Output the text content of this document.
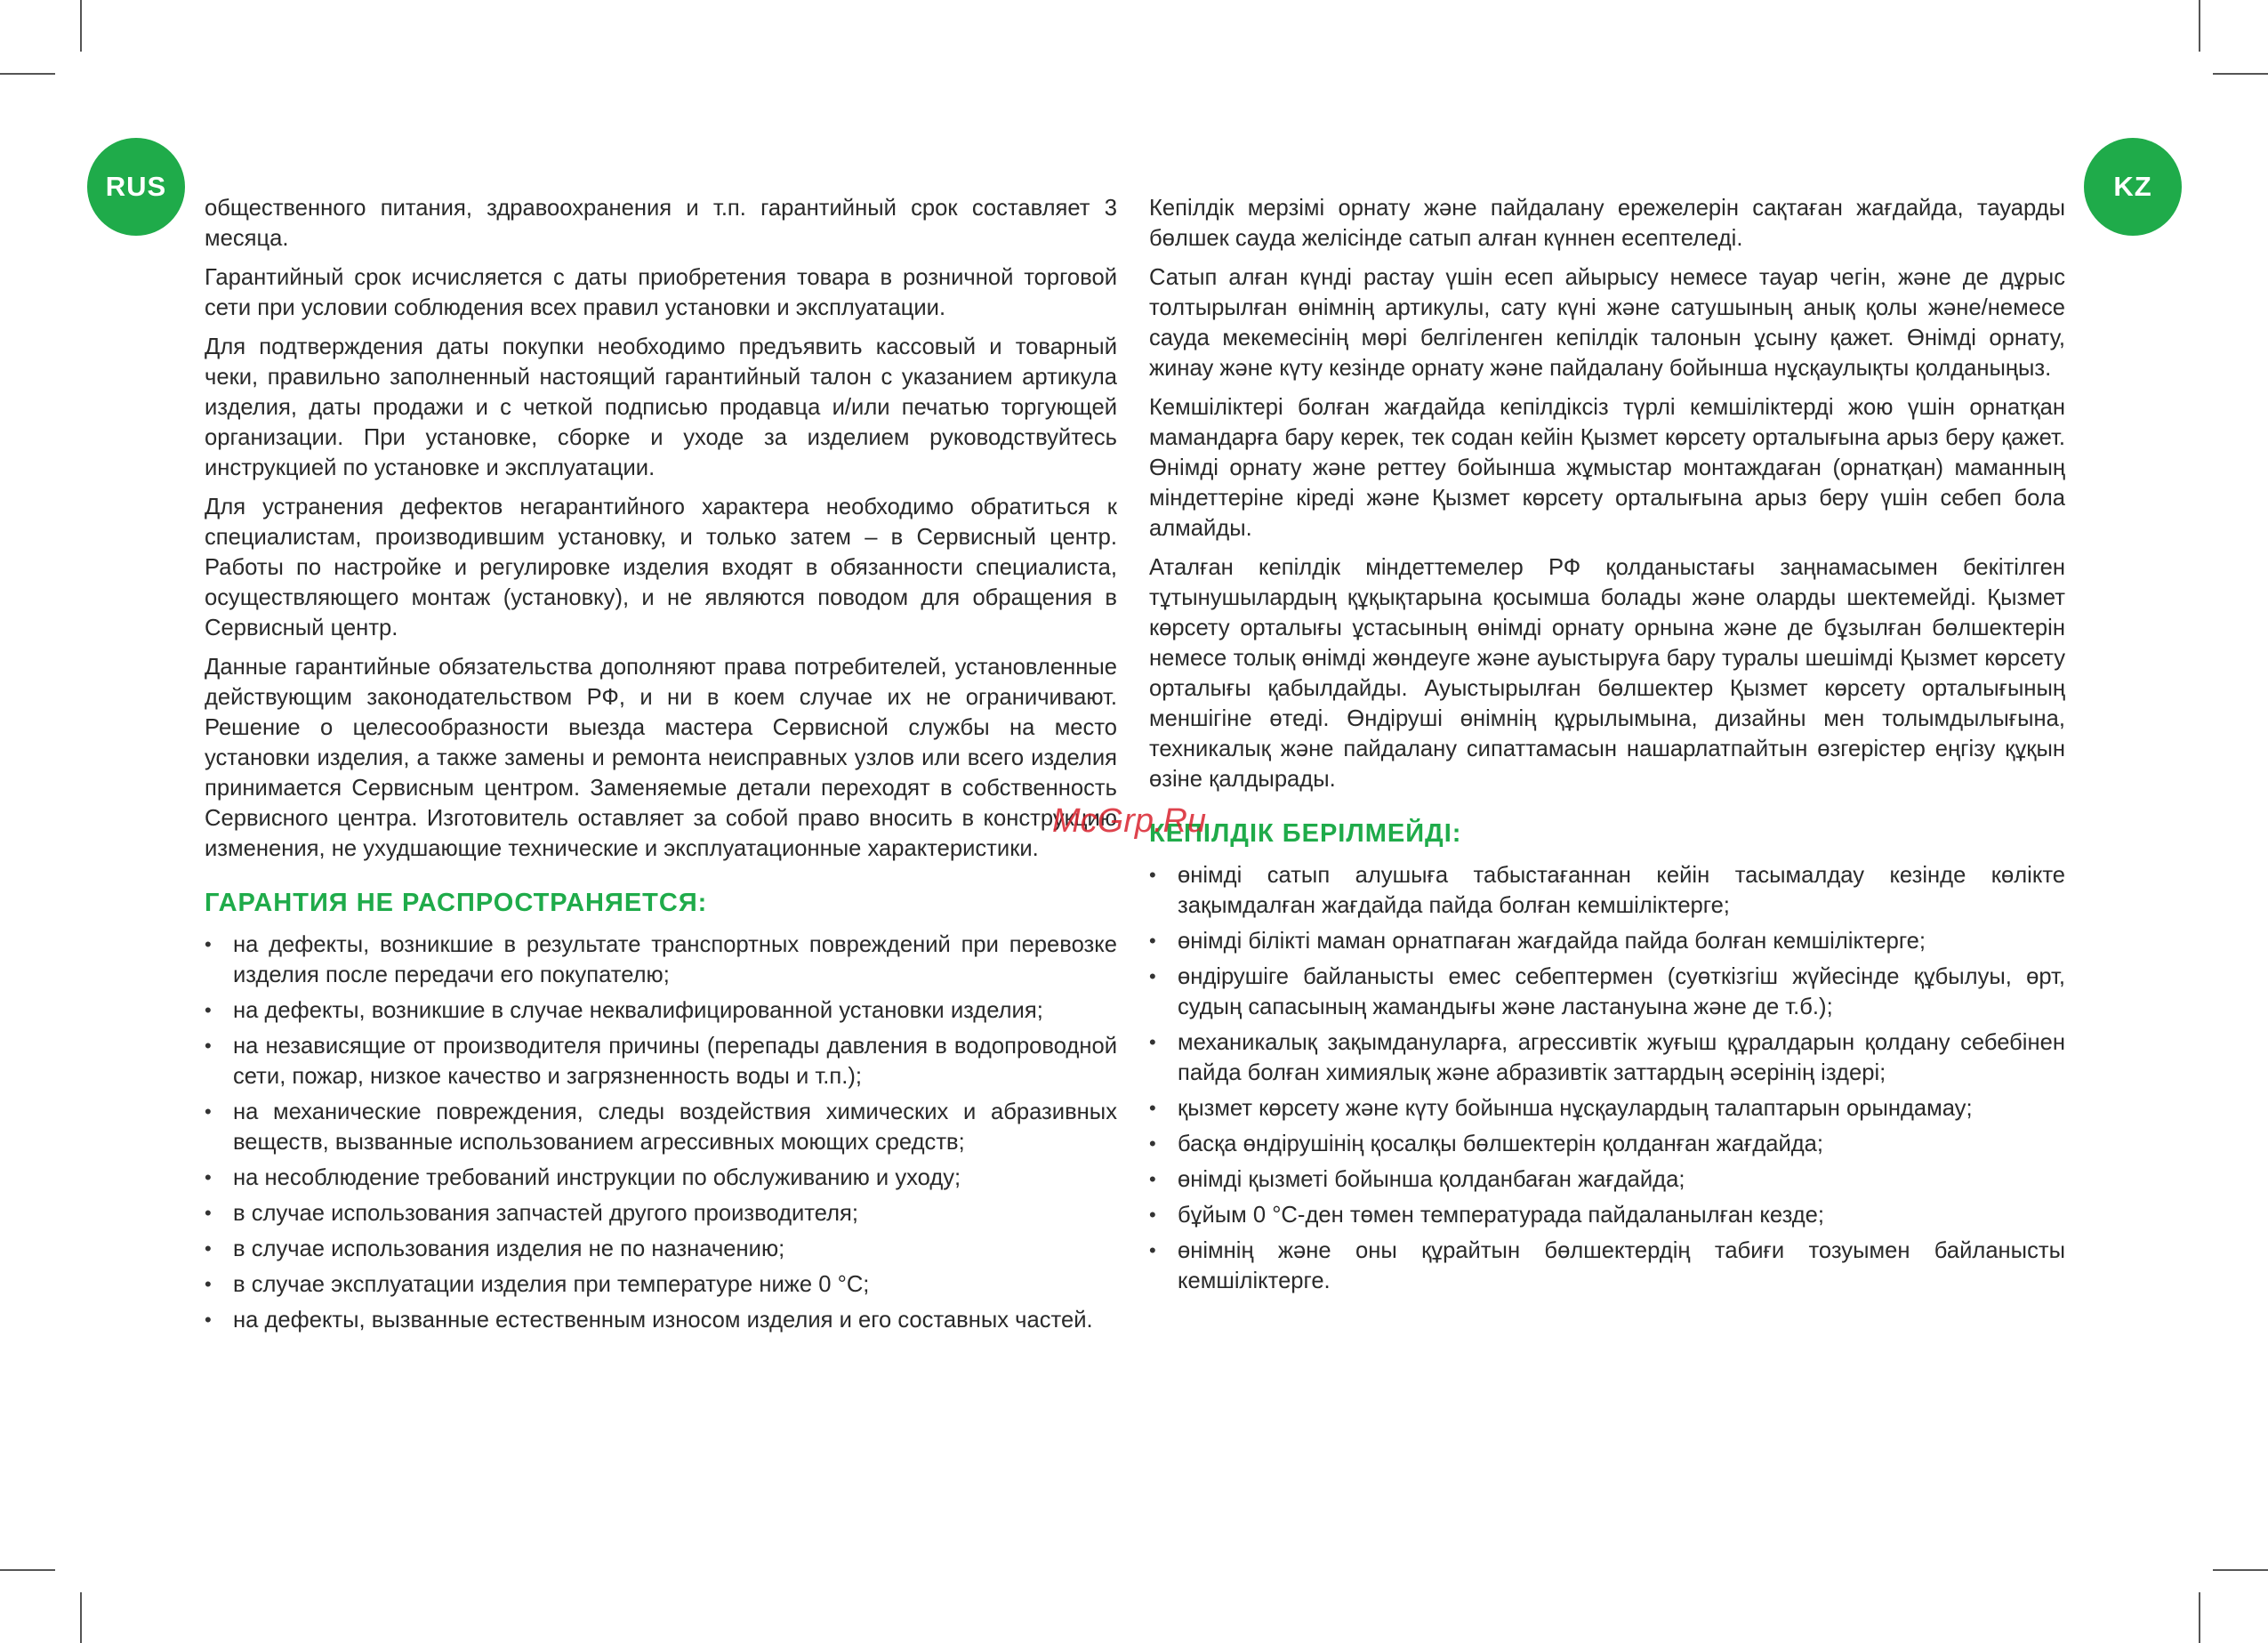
RUS	KZ

общественного питания, здравоохранения и т.п. гарантийный срок составляет 3 месяца.

Гарантийный срок исчисляется с даты приобретения товара в розничной торговой сети при условии соблюдения всех правил установки и эксплуатации.

Для подтверждения даты покупки необходимо предъявить кассовый и товарный чеки, правильно заполненный настоящий гарантийный талон с указанием артикула изделия, даты продажи и с четкой подписью продавца и/или печатью торгующей организации. При установке, сборке и уходе за изделием руководствуйтесь инструкцией по установке и эксплуатации.

Для устранения дефектов негарантийного характера необходимо обратиться к специалистам, производившим установку, и только затем – в Сервисный центр. Работы по настройке и регулировке изделия входят в обязанности специалиста, осуществляющего монтаж (установку), и не являются поводом для обращения в Сервисный центр.

Данные гарантийные обязательства дополняют права потребителей, установленные действующим законодательством РФ, и ни в коем случае их не ограничивают. Решение о целесообразности выезда мастера Сервисной службы на место установки изделия, а также замены и ремонта неисправных узлов или всего изделия принимается Сервисным центром. Заменяемые детали переходят в собственность Сервисного центра. Изготовитель оставляет за собой право вносить в конструкцию изменения, не ухудшающие технические и эксплуатационные характеристики.

ГАРАНТИЯ НЕ РАСПРОСТРАНЯЕТСЯ:
• на дефекты, возникшие в результате транспортных повреждений при перевозке изделия после передачи его покупателю;
• на дефекты, возникшие в случае неквалифицированной установки изделия;
• на независящие от производителя причины (перепады давления в водопроводной сети, пожар, низкое качество и загрязненность воды и т.п.);
• на механические повреждения, следы воздействия химических и абразивных веществ, вызванные использованием агрессивных моющих средств;
• на несоблюдение требований инструкции по обслуживанию и уходу;
• в случае использования запчастей другого производителя;
• в случае использования изделия не по назначению;
• в случае эксплуатации изделия при температуре ниже 0 °С;
• на дефекты, вызванные естественным износом изделия и его составных частей.

Кепілдік мерзімі орнату және пайдалану ережелерін сақтаған жағдайда, тауарды бөлшек сауда желісінде сатып алған күннен есептеледі.

Сатып алған күнді растау үшін есеп айырысу немесе тауар чегін, және де дұрыс толтырылған өнімнің артикулы, сату күні және сатушының анық қолы және/немесе сауда мекемесінің мөрі белгіленген кепілдік талонын ұсыну қажет. Өнімді орнату, жинау және күту кезінде орнату және пайдалану бойынша нұсқаулықты қолданыңыз.

Кемшіліктері болған жағдайда кепілдіксіз түрлі кемшіліктерді жою үшін орнатқан мамандарға бару керек, тек содан кейін Қызмет көрсету орталығына арыз беру қажет. Өнімді орнату және реттеу бойынша жұмыстар монтаждаған (орнатқан) маманның міндеттеріне кіреді және Қызмет көрсету орталығына арыз беру үшін себеп бола алмайды.

Аталған кепілдік міндеттемелер РФ қолданыстағы заңнамасымен бекітілген тұтынушылардың құқықтарына қосымша болады және оларды шектемейді. Қызмет көрсету орталығы ұстасының өнімді орнату орнына және де бұзылған бөлшектерін немесе толық өнімді жөндеуге және ауыстыруға бару туралы шешімді Қызмет көрсету орталығы қабылдайды. Ауыстырылған бөлшектер Қызмет көрсету орталығының меншігіне өтеді. Өндіруші өнімнің құрылымына, дизайны мен толымдылығына, техникалық және пайдалану сипаттамасын нашарлатпайтын өзгерістер еңгізу құқын өзіне қалдырады.

КЕПІЛДІК БЕРІЛМЕЙДІ:
• өнімді сатып алушыға табыстағаннан кейін тасымалдау кезінде көлікте зақымдалған жағдайда пайда болған кемшіліктерге;
• өнімді білікті маман орнатпаған жағдайда пайда болған кемшіліктерге;
• өндірушіге байланысты емес себептермен (суөткізгіш жүйесінде құбылуы, өрт, судың сапасының жамандығы және ластануына және де т.б.);
• механикалық зақымдануларға, агрессивтік жуғыш құралдарын қолдану себебінен пайда болған химиялық және абразивтік заттардың әсерінің іздері;
• қызмет көрсету және күту бойынша нұсқаулардың талаптарын орындамау;
• басқа өндірушінің қосалқы бөлшектерін қолданған жағдайда;
• өнімді қызметі бойынша қолданбаған жағдайда;
• бұйым 0 °С-ден төмен температурада пайдаланылған кезде;
• өнімнің және оны құрайтын бөлшектердің табиғи тозуымен байланысты кемшіліктерге.
McGrp.Ru
